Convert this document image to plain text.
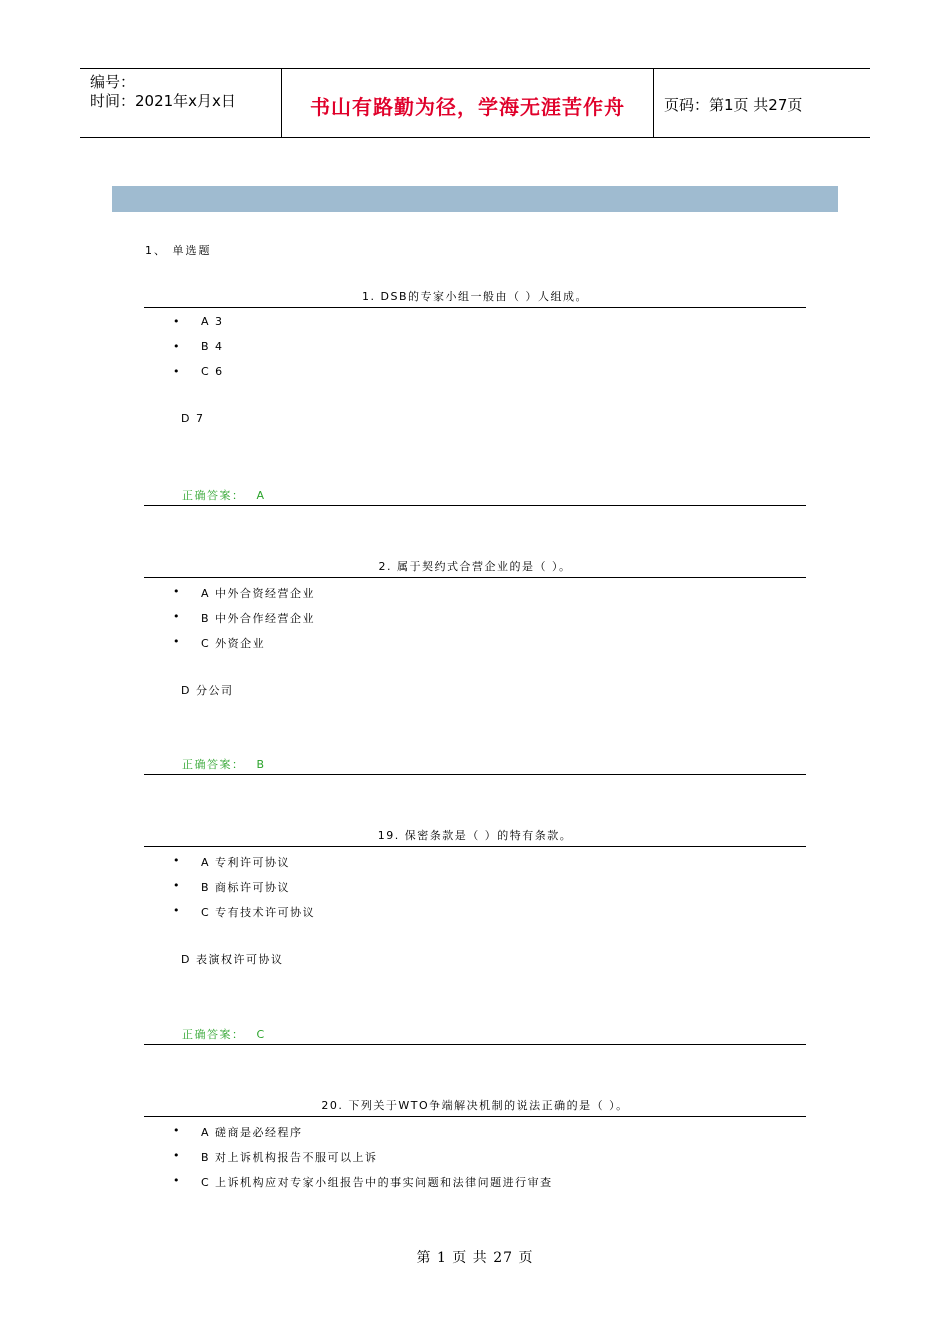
编号：
时间：2021年x月x日	书山有路勤为径，学海无涯苦作舟	页码：第1页 共27页
1、 单选题
1. DSB的专家小组一般由（ ）人组成。
• A 3
• B 4
• C 6
D 7
正确答案： A
2. 属于契约式合营企业的是（ ）。
• A 中外合资经营企业
• B 中外合作经营企业
• C 外资企业
D 分公司
正确答案： B
19. 保密条款是（ ）的特有条款。
• A 专利许可协议
• B 商标许可协议
• C 专有技术许可协议
D 表演权许可协议
正确答案： C
20. 下列关于WTO争端解决机制的说法正确的是（ ）。
• A 磋商是必经程序
• B 对上诉机构报告不服可以上诉
• C 上诉机构应对专家小组报告中的事实问题和法律问题进行审查
第 1 页 共 27 页
